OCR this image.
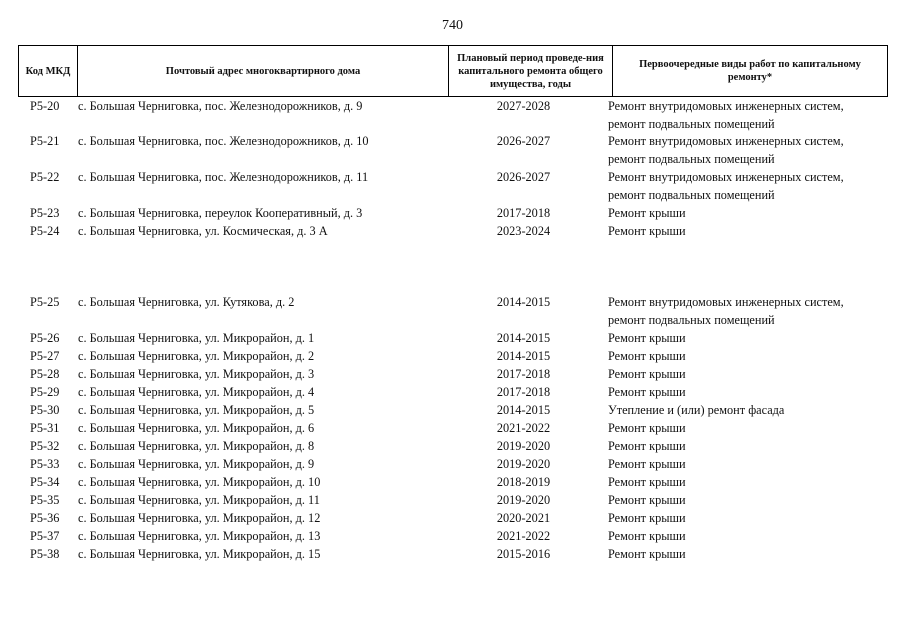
740
Код МКД	Почтовый адрес многоквартирного дома	Плановый период проведе-ния капитального ремонта общего имущества, годы	Первоочередные виды работ по капитальному ремонту*
Р5-20 с. Большая Черниговка, пос. Железнодорожников, д. 9	2027-2028	Ремонт внутридомовых инженерных систем, ремонт подвальных помещений
Р5-21 с. Большая Черниговка, пос. Железнодорожников, д. 10	2026-2027	Ремонт внутридомовых инженерных систем, ремонт подвальных помещений
Р5-22 с. Большая Черниговка, пос. Железнодорожников, д. 11	2026-2027	Ремонт внутридомовых инженерных систем, ремонт подвальных помещений
Р5-23 с. Большая Черниговка, переулок Кооперативный, д. 3	2017-2018	Ремонт крыши
Р5-24 с. Большая Черниговка, ул. Космическая, д. 3 А	2023-2024	Ремонт крыши
Р5-25 с. Большая Черниговка, ул. Кутякова, д. 2	2014-2015	Ремонт внутридомовых инженерных систем, ремонт подвальных помещений
Р5-26 с. Большая Черниговка, ул. Микрорайон, д. 1	2014-2015	Ремонт крыши
Р5-27 с. Большая Черниговка, ул. Микрорайон, д. 2	2014-2015	Ремонт крыши
Р5-28 с. Большая Черниговка, ул. Микрорайон, д. 3	2017-2018	Ремонт крыши
Р5-29 с. Большая Черниговка, ул. Микрорайон, д. 4	2017-2018	Ремонт крыши
Р5-30 с. Большая Черниговка, ул. Микрорайон, д. 5	2014-2015	Утепление и (или) ремонт фасада
Р5-31 с. Большая Черниговка, ул. Микрорайон, д. 6	2021-2022	Ремонт крыши
Р5-32 с. Большая Черниговка, ул. Микрорайон, д. 8	2019-2020	Ремонт крыши
Р5-33 с. Большая Черниговка, ул. Микрорайон, д. 9	2019-2020	Ремонт крыши
Р5-34 с. Большая Черниговка, ул. Микрорайон, д. 10	2018-2019	Ремонт крыши
Р5-35 с. Большая Черниговка, ул. Микрорайон, д. 11	2019-2020	Ремонт крыши
Р5-36 с. Большая Черниговка, ул. Микрорайон, д. 12	2020-2021	Ремонт крыши
Р5-37 с. Большая Черниговка, ул. Микрорайон, д. 13	2021-2022	Ремонт крыши
Р5-38 с. Большая Черниговка, ул. Микрорайон, д. 15	2015-2016	Ремонт крыши
